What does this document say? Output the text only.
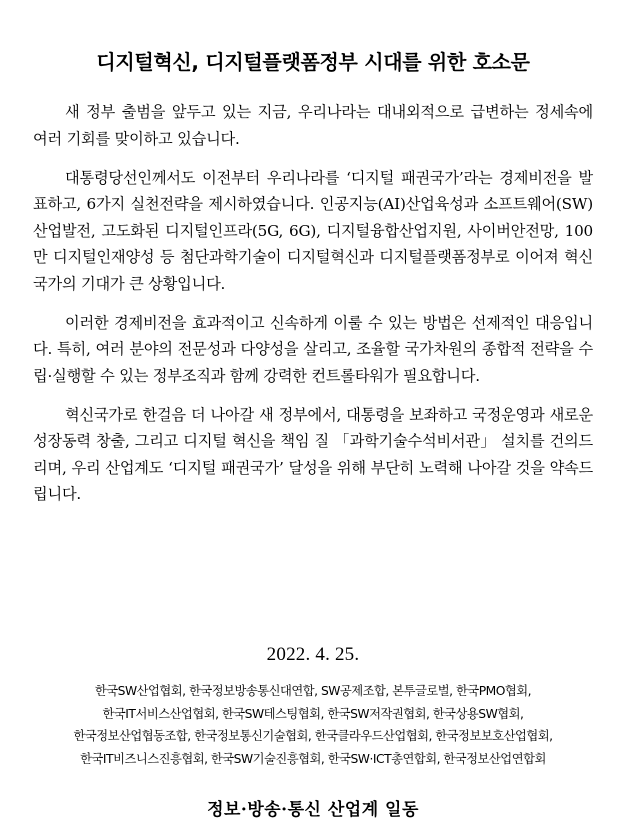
디지털혁신, 디지털플랫폼정부 시대를 위한 호소문

새 정부 출범을 앞두고 있는 지금, 우리나라는 대내외적으로 급변하는 정세속에 여러 기회를 맞이하고 있습니다.

대통령당선인께서도 이전부터 우리나라를 ‘디지털 패권국가’라는 경제비전을 발표하고, 6가지 실천전략을 제시하였습니다. 인공지능(AI)산업육성과 소프트웨어(SW)산업발전, 고도화된 디지털인프라(5G, 6G), 디지털융합산업지원, 사이버안전망, 100만 디지털인재양성 등 첨단과학기술이 디지털혁신과 디지털플랫폼정부로 이어져 혁신국가의 기대가 큰 상황입니다.

이러한 경제비전을 효과적이고 신속하게 이룰 수 있는 방법은 선제적인 대응입니다. 특히, 여러 분야의 전문성과 다양성을 살리고, 조율할 국가차원의 종합적 전략을 수립·실행할 수 있는 정부조직과 함께 강력한 컨트롤타워가 필요합니다.

혁신국가로 한걸음 더 나아갈 새 정부에서, 대통령을 보좌하고 국정운영과 새로운 성장동력 창출, 그리고 디지털 혁신을 책임 질 「과학기술수석비서관」 설치를 건의드리며, 우리 산업계도 ‘디지털 패권국가’ 달성을 위해 부단히 노력해 나아갈 것을 약속드립니다.

2022. 4. 25.
한국SW산업협회, 한국정보방송통신대연합, SW공제조합, 본투글로벌, 한국PMO협회,
한국IT서비스산업협회, 한국SW테스팅협회, 한국SW저작권협회, 한국상용SW협회,
한국정보산업협동조합, 한국정보통신기술협회, 한국클라우드산업협회, 한국정보보호산업협회,
한국IT비즈니스진흥협회, 한국SW기술진흥협회, 한국SW·ICT총연합회, 한국정보산업연합회
정보·방송·통신 산업계 일동
